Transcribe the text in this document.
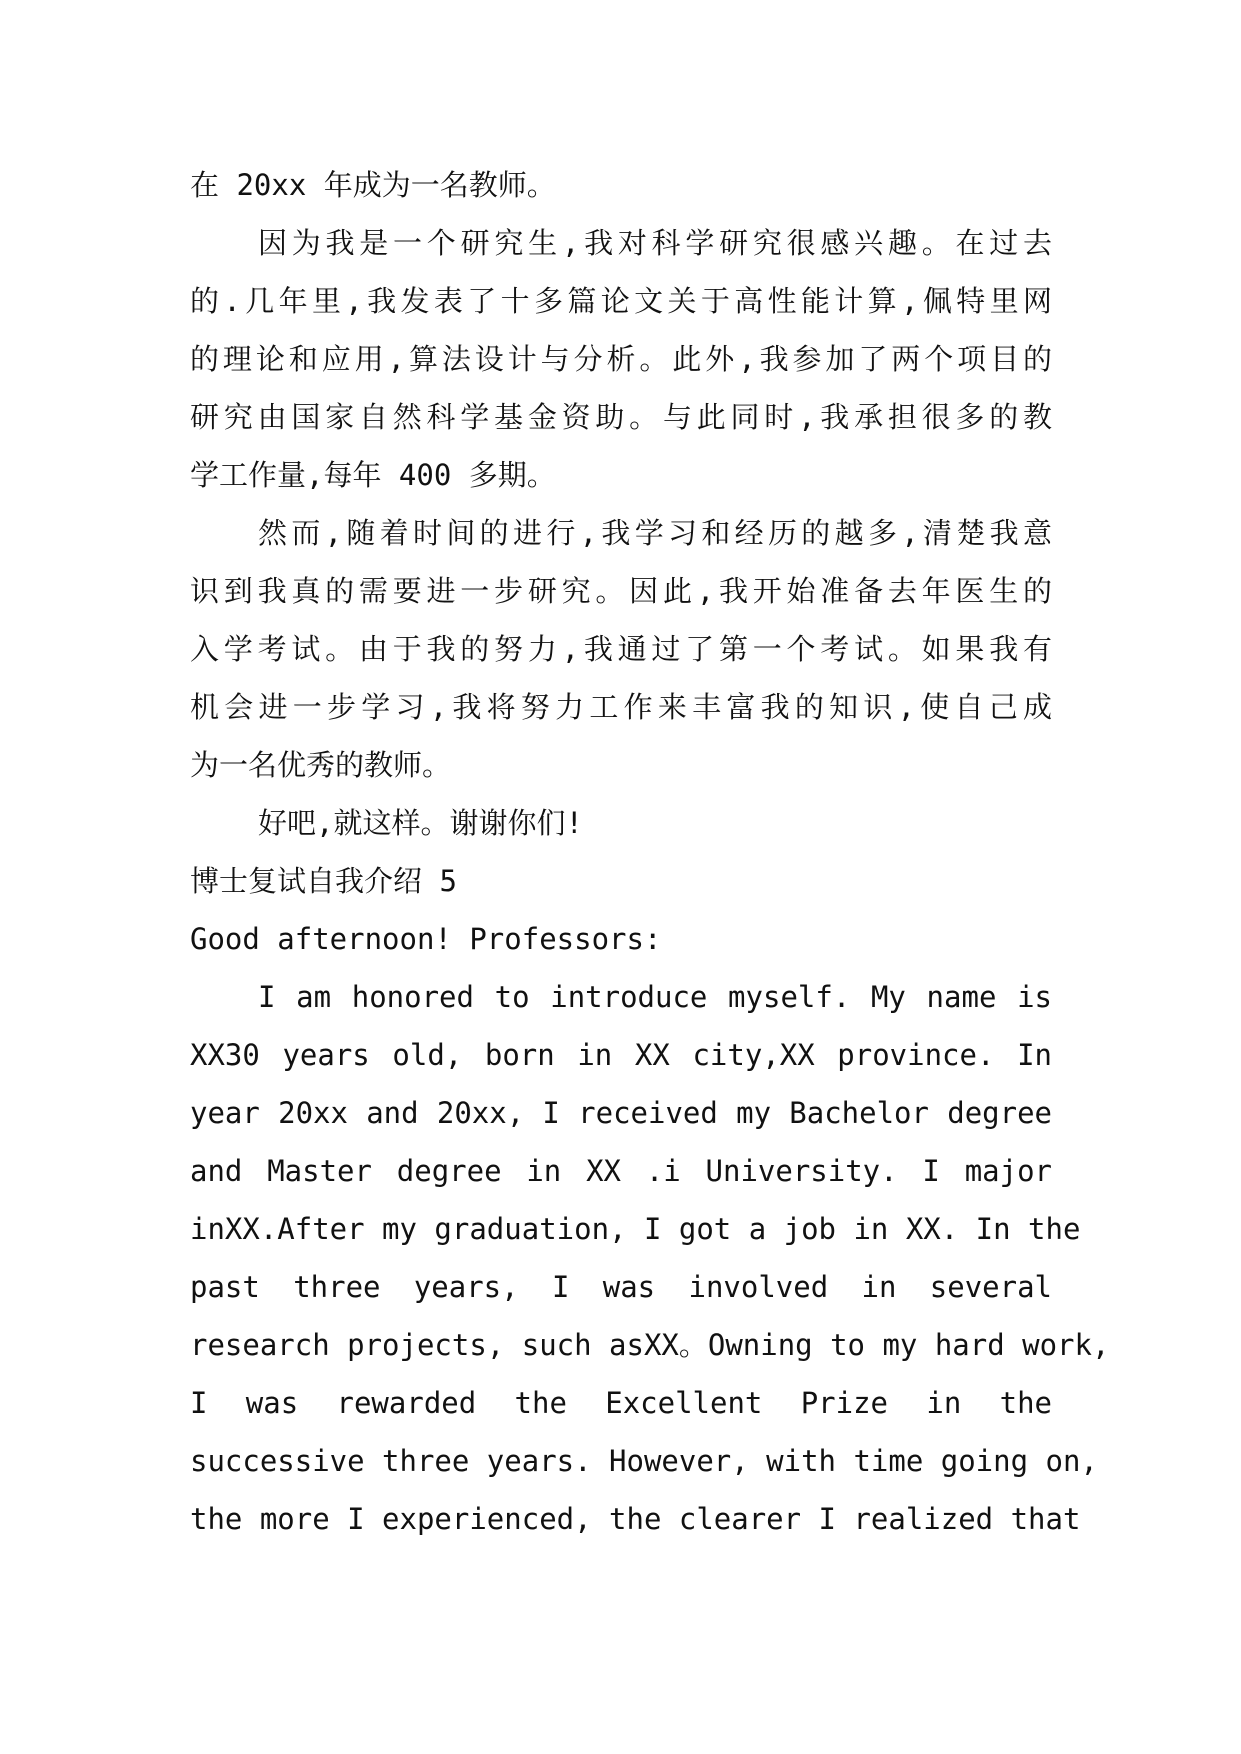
在 20xx 年成为一名教师。
因为我是一个研究生,我对科学研究很感兴趣。在过去
的.几年里,我发表了十多篇论文关于高性能计算,佩特里网
的理论和应用,算法设计与分析。此外,我参加了两个项目的
研究由国家自然科学基金资助。与此同时,我承担很多的教
学工作量,每年 400 多期。
然而,随着时间的进行,我学习和经历的越多,清楚我意
识到我真的需要进一步研究。因此,我开始准备去年医生的
入学考试。由于我的努力,我通过了第一个考试。如果我有
机会进一步学习,我将努力工作来丰富我的知识,使自己成
为一名优秀的教师。
好吧,就这样。谢谢你们!
博士复试自我介绍 5
Good afternoon! Professors:
I am honored to introduce myself. My name is
XX30 years old, born in XX city,XX province. In
year 20xx and 20xx, I received my Bachelor degree
and Master degree in XX .i University. I major
inXX.After my graduation, I got a job in XX. In the
past three years, I was involved in several
research projects, such asXX。Owning to my hard work,
I was rewarded the Excellent Prize in the
successive three years. However, with time going on,
the more I experienced, the clearer I realized that
